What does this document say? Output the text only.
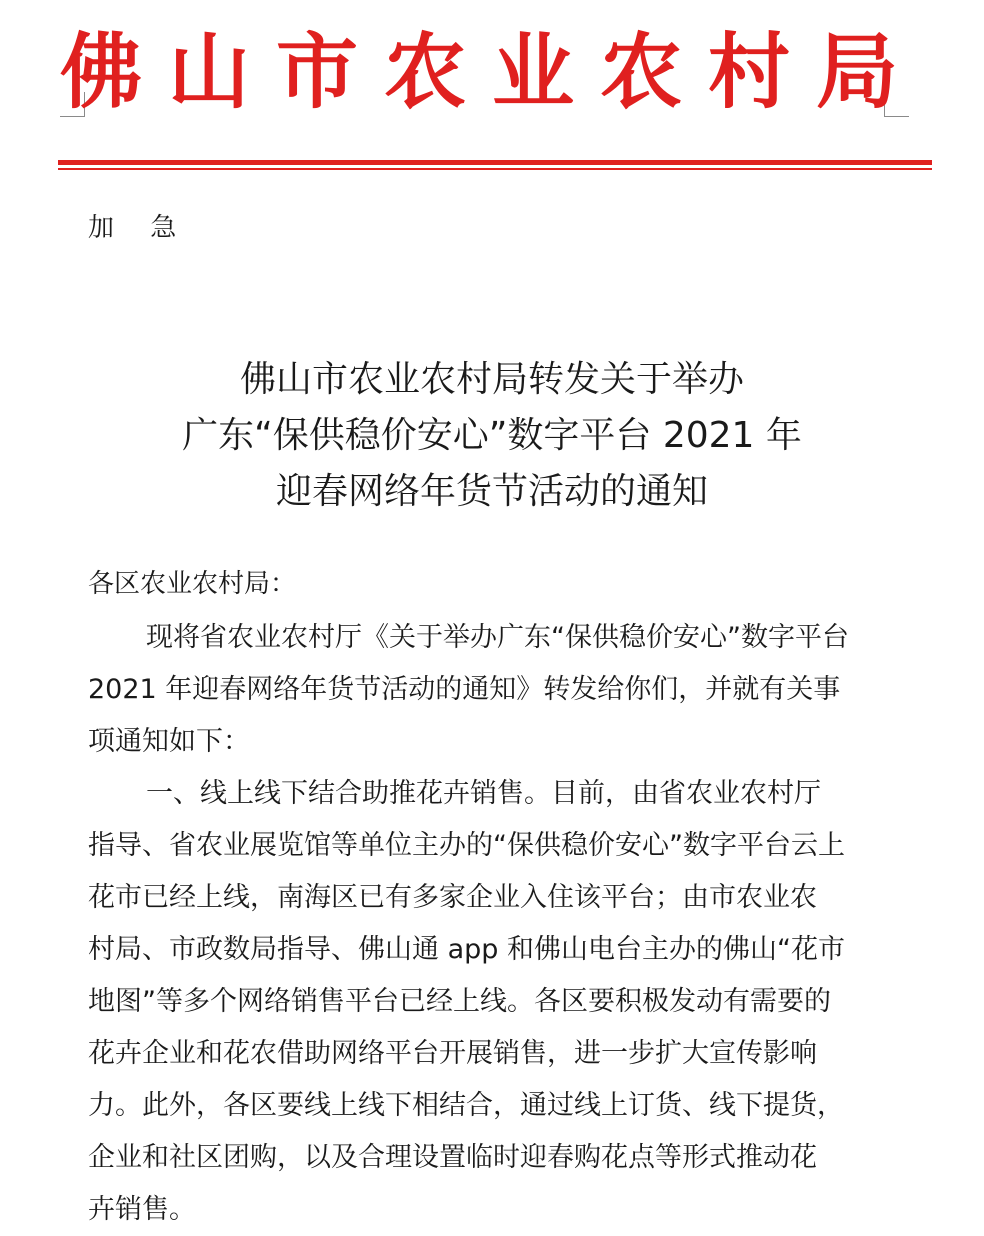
佛山市农业农村局
加 急
佛山市农业农村局转发关于举办
广东“保供稳价安心”数字平台 2021 年
迎春网络年货节活动的通知
各区农业农村局：
现将省农业农村厅《关于举办广东“保供稳价安心”数字平台
2021 年迎春网络年货节活动的通知》转发给你们，并就有关事
项通知如下：
一、线上线下结合助推花卉销售。目前，由省农业农村厅
指导、省农业展览馆等单位主办的“保供稳价安心”数字平台云上
花市已经上线，南海区已有多家企业入住该平台；由市农业农
村局、市政数局指导、佛山通 app 和佛山电台主办的佛山“花市
地图”等多个网络销售平台已经上线。各区要积极发动有需要的
花卉企业和花农借助网络平台开展销售，进一步扩大宣传影响
力。此外，各区要线上线下相结合，通过线上订货、线下提货，
企业和社区团购，以及合理设置临时迎春购花点等形式推动花
卉销售。
